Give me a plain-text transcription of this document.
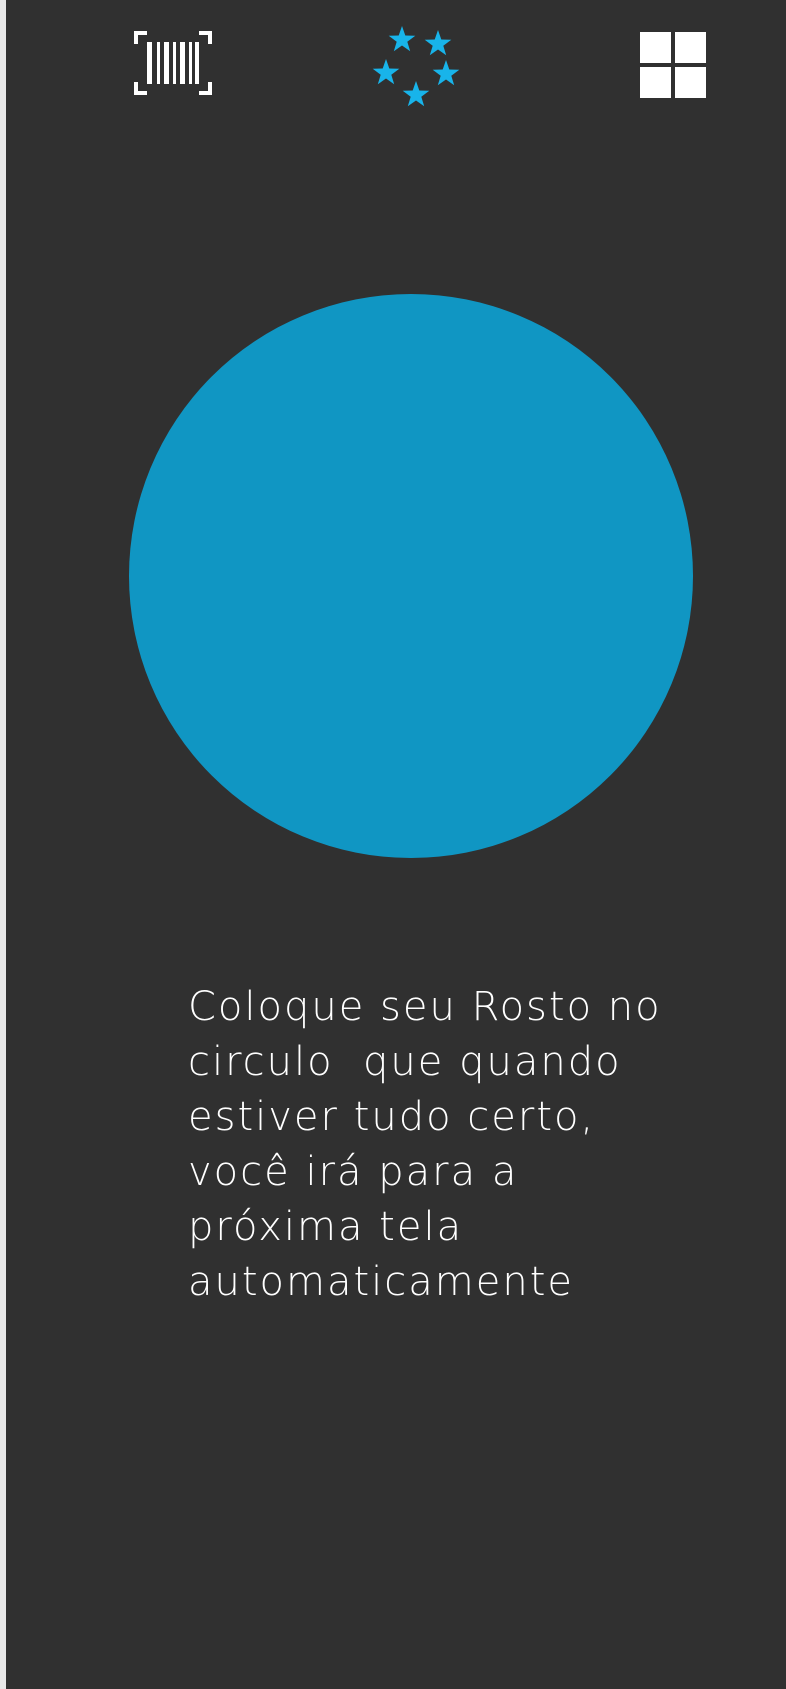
Coloque seu Rosto no circulo  que quando estiver tudo certo, você irá para a próxima tela automaticamente
